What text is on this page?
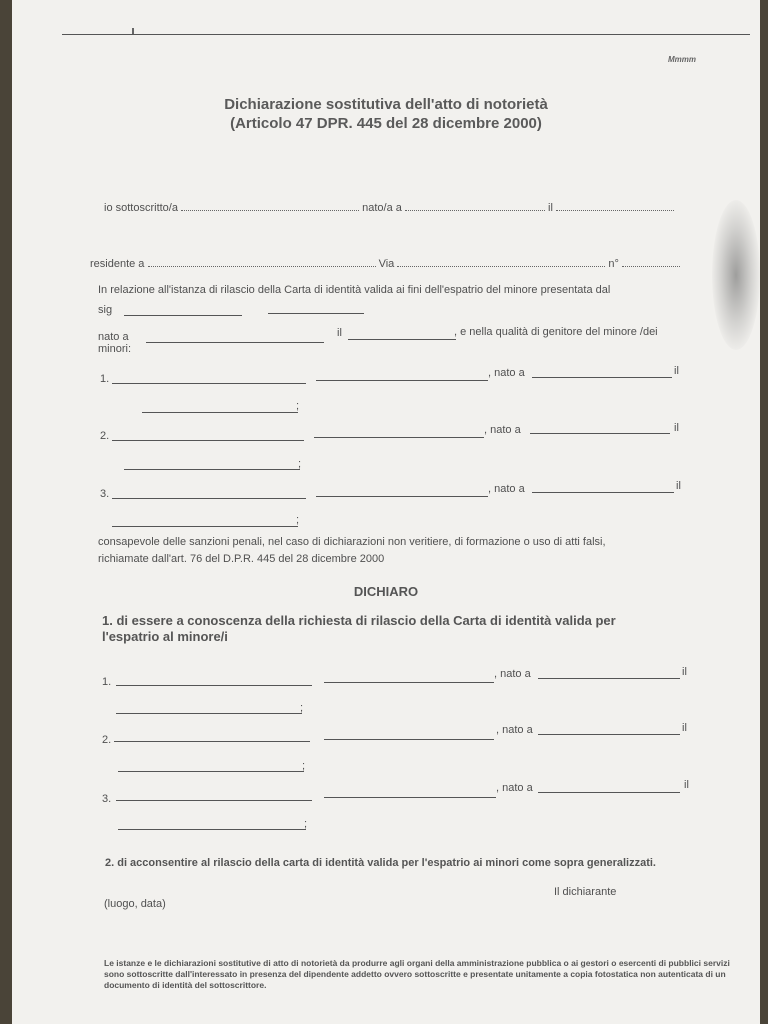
Mmmm
Dichiarazione sostitutiva dell'atto di notorietà
(Articolo 47 DPR. 445 del 28 dicembre 2000)
io sottoscritto/a	nato/a a	il
residente a	Via	n°
In relazione all'istanza di rilascio della Carta di identità valida ai fini dell'espatrio del minore presentata dal
sig
nato a	il	, e nella qualità di genitore del minore /dei
minori:
1.	, nato a	il
;
2.	, nato a	il
;
3.	, nato a	il
;
consapevole delle sanzioni penali, nel caso di dichiarazioni non veritiere, di formazione o uso di atti falsi,
richiamate dall'art. 76 del D.P.R. 445 del 28 dicembre 2000
DICHIARO
1. di essere a conoscenza della richiesta di rilascio della Carta di identità valida per
l'espatrio al minore/i
1.
, nato a	il
;
2.
, nato a	il
;
3.
, nato a	il
;
2. di acconsentire al rilascio della carta di identità valida per l'espatrio ai minori come sopra generalizzati.
Il dichiarante
(luogo, data)
Le istanze e le dichiarazioni sostitutive di atto di notorietà da produrre agli organi della amministrazione pubblica o ai gestori o esercenti di pubblici servizi sono sottoscritte dall'interessato in presenza del dipendente addetto ovvero sottoscritte e presentate unitamente a copia fotostatica non autenticata di un documento di identità del sottoscrittore.
